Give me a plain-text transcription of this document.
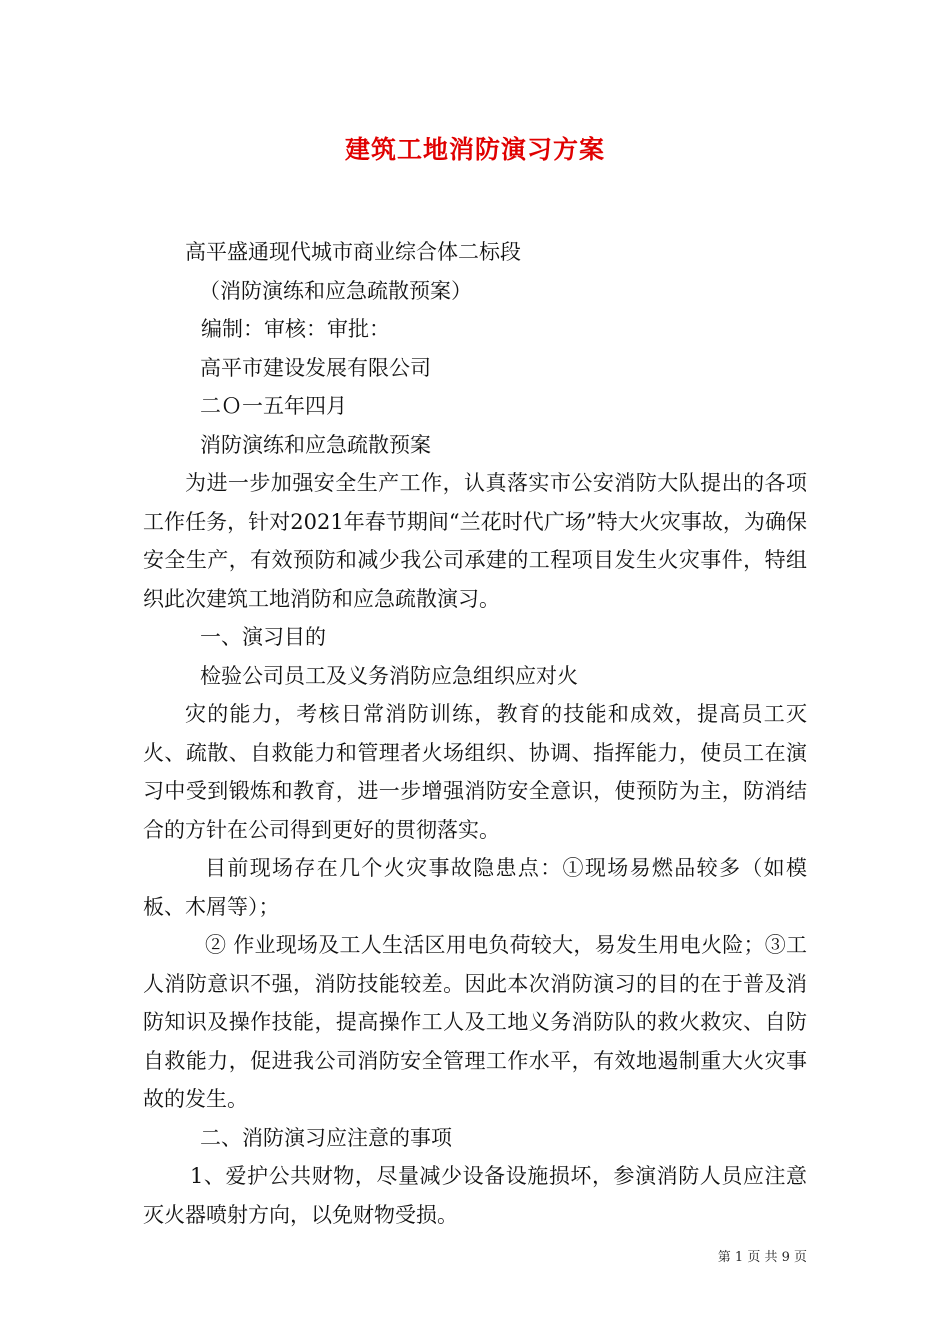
建筑工地消防演习方案
高平盛通现代城市商业综合体二标段
（消防演练和应急疏散预案）
编制：审核：审批：
高平市建设发展有限公司
二Ｏ一五年四月
消防演练和应急疏散预案
为进一步加强安全生产工作，认真落实市公安消防大队提出的各项工作任务，针对2021年春节期间“兰花时代广场”特大火灾事故，为确保安全生产，有效预防和减少我公司承建的工程项目发生火灾事件，特组织此次建筑工地消防和应急疏散演习。
一、演习目的
检验公司员工及义务消防应急组织应对火
灾的能力，考核日常消防训练，教育的技能和成效，提高员工灭火、疏散、自救能力和管理者火场组织、协调、指挥能力，使员工在演习中受到锻炼和教育，进一步增强消防安全意识，使预防为主，防消结合的方针在公司得到更好的贯彻落实。
目前现场存在几个火灾事故隐患点：①现场易燃品较多（如模板、木屑等）；
② 作业现场及工人生活区用电负荷较大，易发生用电火险；③工人消防意识不强，消防技能较差。因此本次消防演习的目的在于普及消防知识及操作技能，提高操作工人及工地义务消防队的救火救灾、自防自救能力，促进我公司消防安全管理工作水平，有效地遏制重大火灾事故的发生。
二、消防演习应注意的事项
1、爱护公共财物，尽量减少设备设施损坏，参演消防人员应注意灭火器喷射方向，以免财物受损。
第 1 页 共 9 页
